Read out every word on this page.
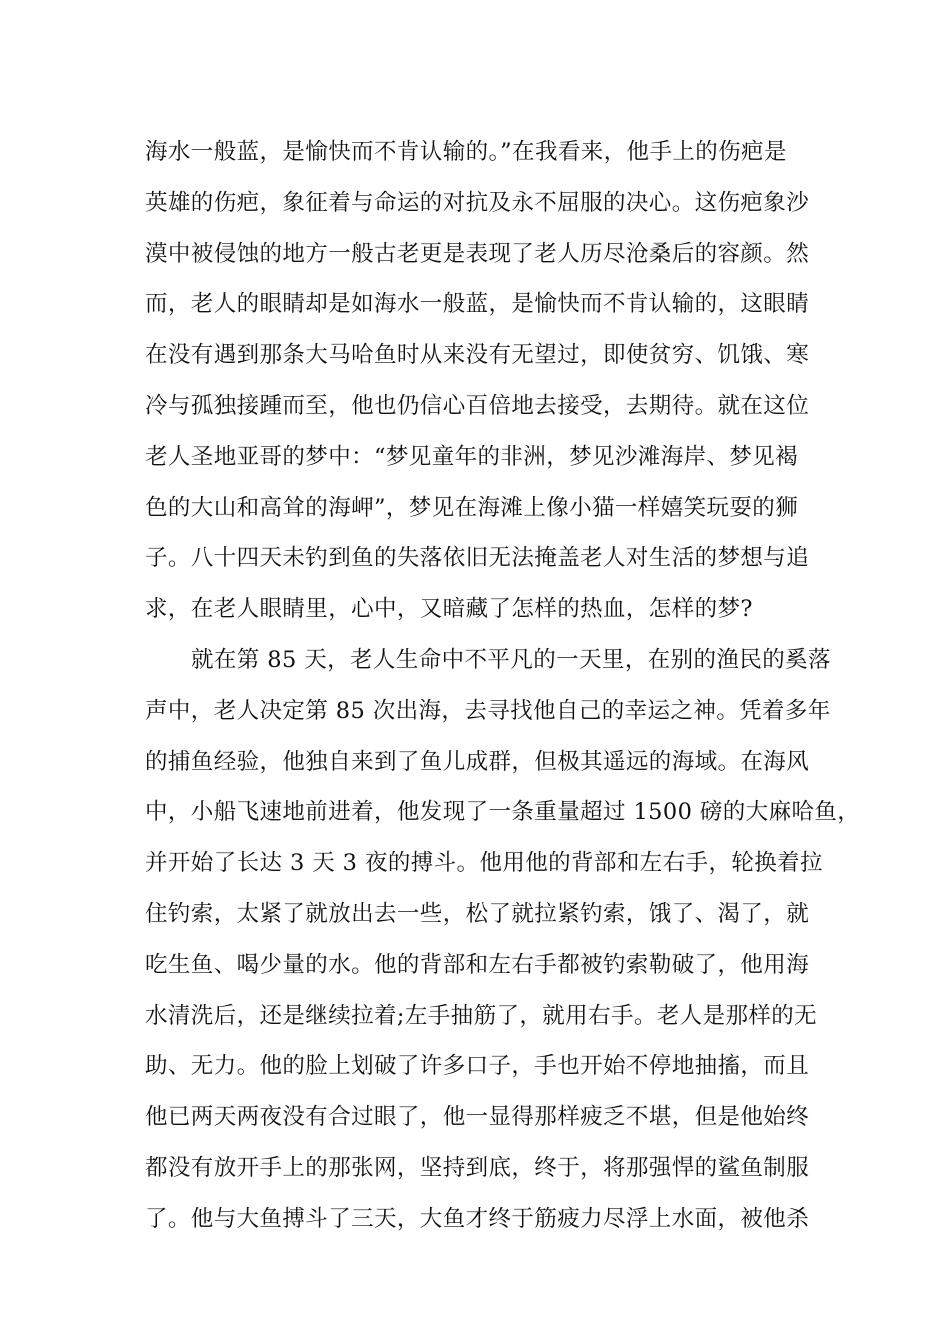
海水一般蓝，是愉快而不肯认输的。”在我看来，他手上的伤疤是
英雄的伤疤，象征着与命运的对抗及永不屈服的决心。这伤疤象沙
漠中被侵蚀的地方一般古老更是表现了老人历尽沧桑后的容颜。然
而，老人的眼睛却是如海水一般蓝，是愉快而不肯认输的，这眼睛
在没有遇到那条大马哈鱼时从来没有无望过，即使贫穷、饥饿、寒
冷与孤独接踵而至，他也仍信心百倍地去接受，去期待。就在这位
老人圣地亚哥的梦中：“梦见童年的非洲，梦见沙滩海岸、梦见褐
色的大山和高耸的海岬”，梦见在海滩上像小猫一样嬉笑玩耍的狮
子。八十四天未钓到鱼的失落依旧无法掩盖老人对生活的梦想与追
求，在老人眼睛里，心中，又暗藏了怎样的热血，怎样的梦?
就在第 85 天，老人生命中不平凡的一天里，在别的渔民的奚落
声中，老人决定第 85 次出海，去寻找他自己的幸运之神。凭着多年
的捕鱼经验，他独自来到了鱼儿成群，但极其遥远的海域。在海风
中，小船飞速地前进着，他发现了一条重量超过 1500 磅的大麻哈鱼，
并开始了长达 3 天 3 夜的搏斗。他用他的背部和左右手，轮换着拉
住钓索，太紧了就放出去一些，松了就拉紧钓索，饿了、渴了，就
吃生鱼、喝少量的水。他的背部和左右手都被钓索勒破了，他用海
水清洗后，还是继续拉着;左手抽筋了，就用右手。老人是那样的无
助、无力。他的脸上划破了许多口子，手也开始不停地抽搐，而且
他已两天两夜没有合过眼了，他一显得那样疲乏不堪，但是他始终
都没有放开手上的那张网，坚持到底，终于，将那强悍的鲨鱼制服
了。他与大鱼搏斗了三天，大鱼才终于筋疲力尽浮上水面，被他杀
